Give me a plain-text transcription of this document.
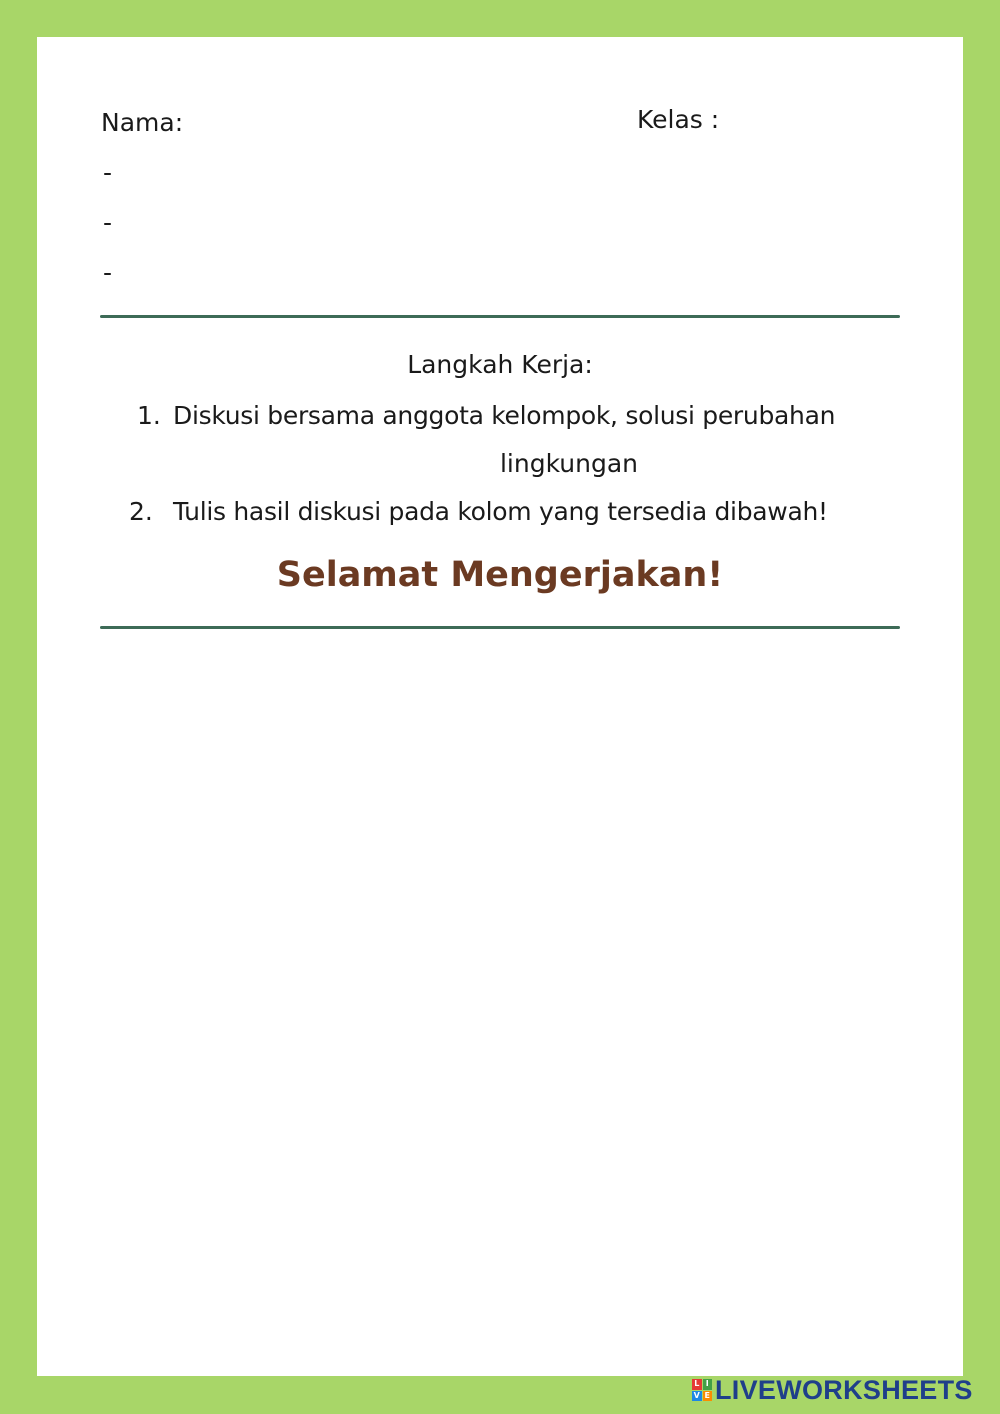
Nama:	Kelas :
-
-
-
Langkah Kerja:
1. Diskusi bersama anggota kelompok, solusi perubahan
lingkungan
2. Tulis hasil diskusi pada kolom yang tersedia dibawah!
Selamat Mengerjakan!
L I
V E LIVEWORKSHEETS
